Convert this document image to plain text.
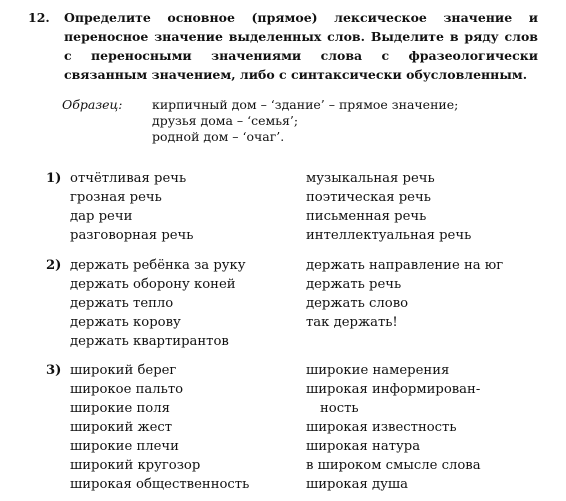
12. Определите основное (прямое) лексическое значение и переносное значение выделенных слов. Выделите в ряду слов с переносными значениями слова с фразеологически связанным значением, либо с синтаксически обусловленным.
Образец: кирпичный дом – ‘здание’ – прямое значение;
друзья дома – ‘семья’;
родной дом – ‘очаг’.
1) отчётливая речь
грозная речь
дар речи
разговорная речь
музыкальная речь
поэтическая речь
письменная речь
интеллектуальная речь
2) держать ребёнка за руку
держать оборону коней
держать тепло
держать корову
держать квартирантов
держать направление на юг
держать речь
держать слово
так держать!
3) широкий берег
широкое пальто
широкие поля
широкий жест
широкие плечи
широкий кругозор
широкая общественность
широкие намерения
широкая информирован-
ность
широкая известность
широкая натура
в широком смысле слова
широкая душа
